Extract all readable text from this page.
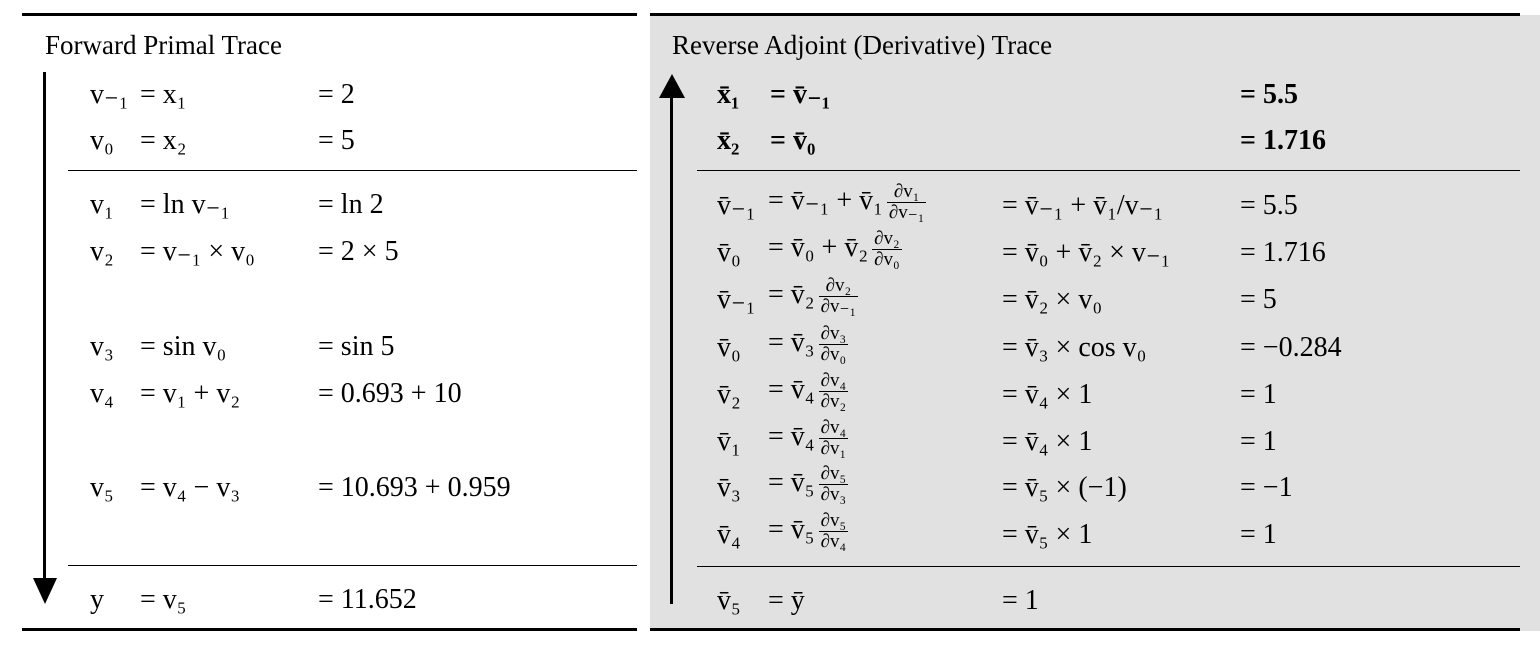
Forward Primal Trace
v₋₁ = x₁	= 2
v₀ = x₂	= 5
v₁ = ln v₋₁	= ln 2
v₂ = v₋₁ × v₀ = 2 × 5
v₃ = sin v₀	= sin 5
v₄ = v₁ + v₂	= 0.693 + 10
v₅ = v₄ − v₃	= 10.693 + 0.959
y = v₅	= 11.652
Reverse Adjoint (Derivative) Trace
x̄₁ = v̄₋₁	= 5.5
x̄₂ = v̄₀	= 1.716
v̄₋₁ = v̄₋₁ + v̄₁ $\frac{\text{∂v₁}}{\text{∂v₋₁}}$	= v̄₋₁ + v̄₁/v₋₁	= 5.5
v̄₀ = v̄₀ + v̄₂ $\frac{\text{∂v₂}}{\text{∂v₀}}$	= v̄₀ + v̄₂ × v₋₁ = 1.716
v̄₋₁ = v̄₂ $\frac{\text{∂v₂}}{\text{∂v₋₁}}$	= v̄₂ × v₀	= 5
v̄₀ = v̄₃ $\frac{\text{∂v₃}}{\text{∂v₀}}$	= v̄₃ × cos v₀	= −0.284
v̄₂ = v̄₄ $\frac{\text{∂v₄}}{\text{∂v₂}}$	= v̄₄ × 1	= 1
v̄₁ = v̄₄ $\frac{\text{∂v₄}}{\text{∂v₁}}$	= v̄₄ × 1	= 1
v̄₃ = v̄₅ $\frac{\text{∂v₅}}{\text{∂v₃}}$	= v̄₅ × (−1)	= −1
v̄₄ = v̄₅ $\frac{\text{∂v₅}}{\text{∂v₄}}$	= v̄₅ × 1	= 1
v̄₅ = ȳ	= 1
